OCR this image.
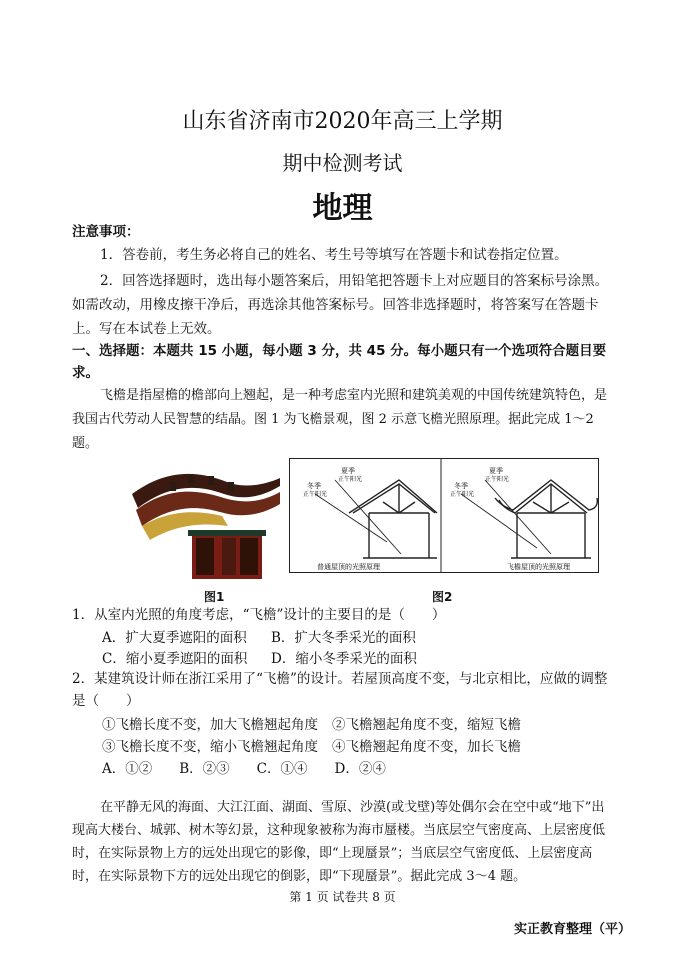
山东省济南市2020年高三上学期
期中检测考试
地理
注意事项：
1．答卷前，考生务必将自己的姓名、考生号等填写在答题卡和试卷指定位置。
2．回答选择题时，选出每小题答案后，用铅笔把答题卡上对应题目的答案标号涂黑。如需改动，用橡皮擦干净后，再选涂其他答案标号。回答非选择题时，将答案写在答题卡上。写在本试卷上无效。
一、选择题：本题共 15 小题，每小题 3 分，共 45 分。每小题只有一个选项符合题目要求。
飞檐是指屋檐的檐部向上翘起，是一种考虑室内光照和建筑美观的中国传统建筑特色，是我国古代劳动人民智慧的结晶。图 1 为飞檐景观，图 2 示意飞檐光照原理。据此完成 1～2 题。
夏季
正午阳光
冬季
正午阳光
普通屋顶的光照原理
夏季
正午阳光
冬季
正午阳光
飞檐屋顶的光照原理
图1	图2
1．从室内光照的角度考虑，“飞檐”设计的主要目的是（　　）
A．扩大夏季遮阳的面积 B．扩大冬季采光的面积
C．缩小夏季遮阳的面积 D．缩小冬季采光的面积
2．某建筑设计师在浙江采用了“飞檐”的设计。若屋顶高度不变，与北京相比，应做的调整是（　　）
①飞檐长度不变，加大飞檐翘起角度 ②飞檐翘起角度不变，缩短飞檐
③飞檐长度不变，缩小飞檐翘起角度 ④飞檐翘起角度不变，加长飞檐
A．①②　　B．②③　　C．①④　　D．②④
在平静无风的海面、大江江面、湖面、雪原、沙漠(或戈壁)等处偶尔会在空中或“地下”出现高大楼台、城郭、树木等幻景，这种现象被称为海市蜃楼。当底层空气密度高、上层密度低时，在实际景物上方的远处出现它的影像，即“上现蜃景”；当底层空气密度低、上层密度高时，在实际景物下方的远处出现它的倒影，即“下现蜃景”。据此完成 3～4 题。
第 1 页 试卷共 8 页
实正教育整理（平）
